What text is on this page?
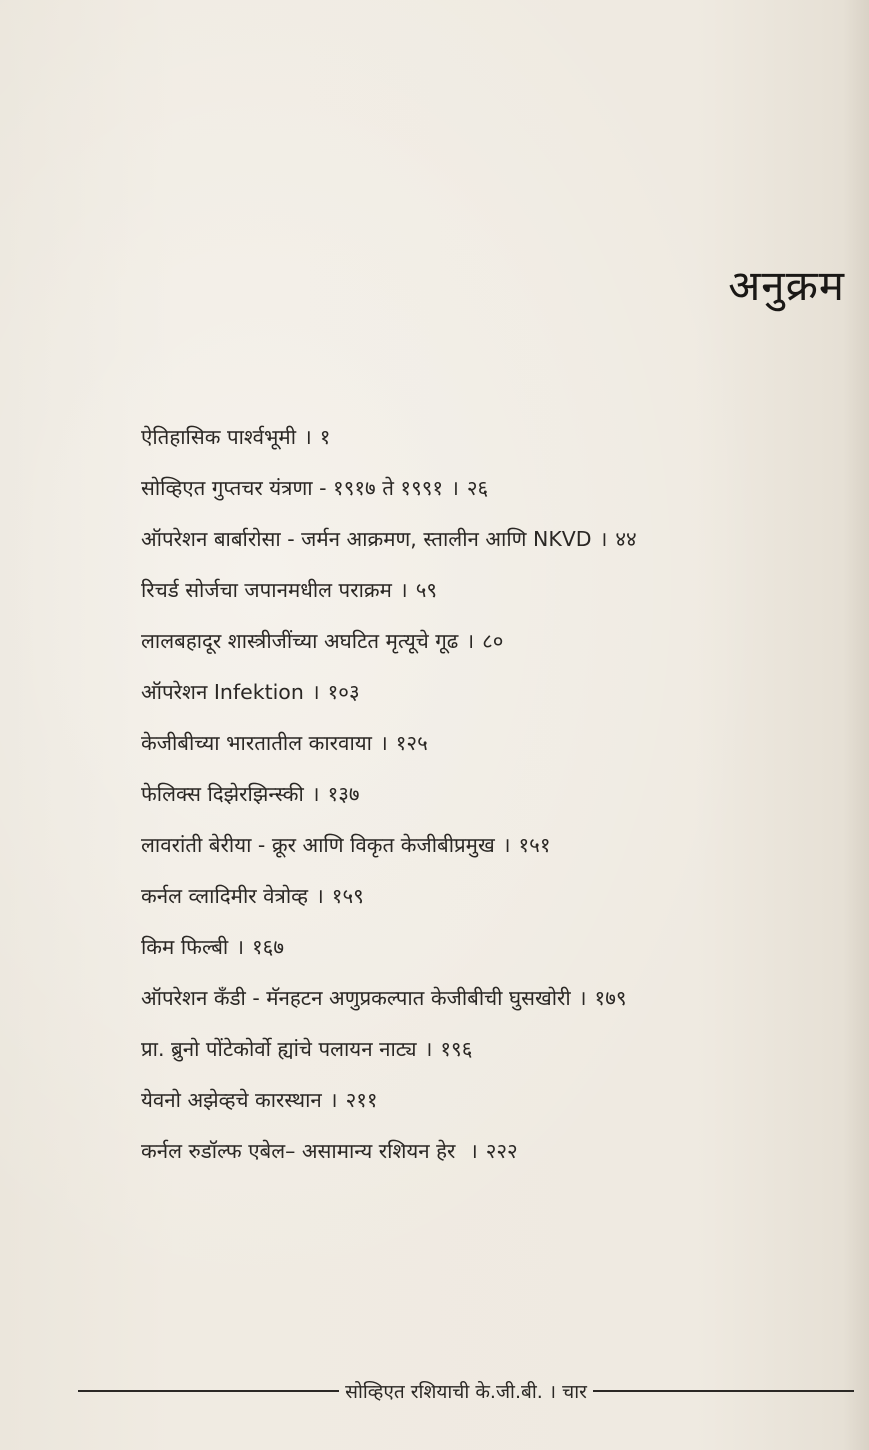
अनुक्रम
ऐतिहासिक पार्श्वभूमी । १
सोव्हिएत गुप्तचर यंत्रणा - १९१७ ते १९९१ । २६
ऑपरेशन बार्बारोसा - जर्मन आक्रमण, स्तालीन आणि NKVD । ४४
रिचर्ड सोर्जचा जपानमधील पराक्रम । ५९
लालबहादूर शास्त्रीजींच्या अघटित मृत्यूचे गूढ । ८०
ऑपरेशन Infektion । १०३
केजीबीच्या भारतातील कारवाया । १२५
फेलिक्स दिझेरझिन्स्की । १३७
लावरांती बेरीया - क्रूर आणि विकृत केजीबीप्रमुख । १५१
कर्नल व्लादिमीर वेत्रोव्ह । १५९
किम फिल्बी । १६७
ऑपरेशन कँडी - मॅनहटन अणुप्रकल्पात केजीबीची घुसखोरी । १७९
प्रा. ब्रुनो पोंटेकोर्वो ह्यांचे पलायन नाट्य । १९६
येवनो अझेव्हचे कारस्थान । २११
कर्नल रुडॉल्फ एबेल– असामान्य रशियन हेर । २२२
सोव्हिएत रशियाची के.जी.बी. । चार
